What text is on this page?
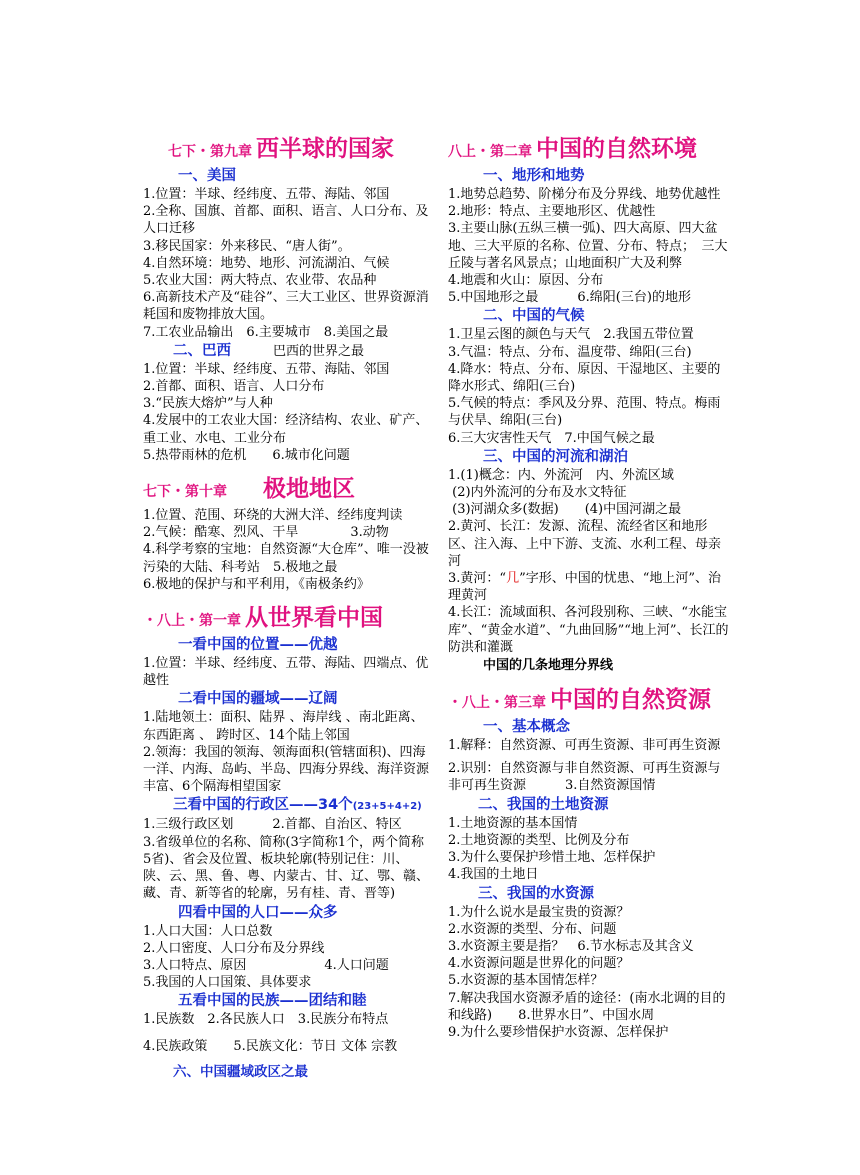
七下・第九章 西半球的国家
一、美国
1.位置：半球、经纬度、五带、海陆、邻国
2.全称、国旗、首都、面积、语言、人口分布、及人口迁移
3.移民国家：外来移民、“唐人街”。
4.自然环境：地势、地形、河流湖泊、气候
5.农业大国：两大特点、农业带、农品种
6.高新技术产及“硅谷”、三大工业区、世界资源消耗国和废物排放大国。
7.工农业品输出　6.主要城市　8.美国之最
二、巴西	巴西的世界之最
1.位置：半球、经纬度、五带、海陆、邻国
2.首都、面积、语言、人口分布
3.“民族大熔炉”与人种
4.发展中的工农业大国：经济结构、农业、矿产、重工业、水电、工业分布
5.热带雨林的危机　　6.城市化问题
七下・第十章 极地地区
1.位置、范围、环绕的大洲大洋、经纬度判读
2.气候：酷寒、烈风、干旱　　　　3.动物
4.科学考察的宝地：自然资源“大仓库”、唯一没被污染的大陆、科考站　5.极地之最
6.极地的保护与和平利用，《南极条约》
・八上・第一章 从世界看中国
一看中国的位置——优越
1.位置：半球、经纬度、五带、海陆、四端点、优越性
二看中国的疆域——辽阔
1.陆地领土：面积、陆界 、海岸线 、南北距离、东西距离 、 跨时区、14个陆上邻国
2.领海：我国的领海、领海面积(管辖面积)、四海一洋、内海、岛屿、半岛、四海分界线、海洋资源丰富、6个隔海相望国家
三看中国的行政区——34个(23+5+4+2)
1.三级行政区划　　　2.首都、自治区、特区
3.省级单位的名称、简称(3字简称1个，两个简称5省)、省会及位置、板块轮廓(特别记住：川、陕、云、黑、鲁、粤、内蒙古、甘、辽、鄂、赣、藏、青、新等省的轮廓，另有桂、青、晋等)
四看中国的人口——众多
1.人口大国：人口总数
2.人口密度、人口分布及分界线
3.人口特点、原因　　　　　　4.人口问题
5.我国的人口国策、具体要求
五看中国的民族——团结和睦
1.民族数　2.各民族人口　3.民族分布特点
4.民族政策　　5.民族文化：节日 文体 宗教
六、中国疆域政区之最
八上・第二章 中国的自然环境
一、地形和地势
1.地势总趋势、阶梯分布及分界线、地势优越性
2.地形：特点、主要地形区、优越性
3.主要山脉(五纵三横一弧)、四大高原、四大盆地、三大平原的名称、位置、分布、特点；　三大丘陵与著名风景点；山地面积广大及利弊
4.地震和火山：原因、分布
5.中国地形之最　　　6.绵阳(三台)的地形
二、中国的气候
1.卫星云图的颜色与天气　2.我国五带位置
3.气温：特点、分布、温度带、绵阳(三台)
4.降水：特点、分布、原因、干湿地区、主要的降水形式、绵阳(三台)
5.气候的特点：季风及分界、范围、特点。梅雨与伏旱、绵阳(三台)
6.三大灾害性天气　7.中国气候之最
三、中国的河流和湖泊
1.(1)概念：内、外流河　内、外流区域
(2)内外流河的分布及水文特征
(3)河湖众多(数据)　　(4)中国河湖之最
2.黄河、长江：发源、流程、流经省区和地形区、注入海、上中下游、支流、水利工程、母亲河
3.黄河：“几”字形、中国的忧患、“地上河”、治理黄河
4.长江：流域面积、各河段别称、三峡、“水能宝库”、“黄金水道”、“九曲回肠”“地上河”、长江的防洪和灌溉
中国的几条地理分界线
・八上・第三章 中国的自然资源
一、基本概念
1.解释：自然资源、可再生资源、非可再生资源
2.识别：自然资源与非自然资源、可再生资源与非可再生资源　　　3.自然资源国情
二、我国的土地资源
1.土地资源的基本国情
2.土地资源的类型、比例及分布
3.为什么要保护珍惜土地、怎样保护
4.我国的土地日
三、我国的水资源
1.为什么说水是最宝贵的资源？
2.水资源的类型、分布、问题
3.水资源主要是指？　6.节水标志及其含义
4.水资源问题是世界化的问题？
5.水资源的基本国情怎样？
7.解决我国水资源矛盾的途径：(南水北调的目的和线路)　　8.世界水日”、中国水周
9.为什么要珍惜保护水资源、怎样保护
